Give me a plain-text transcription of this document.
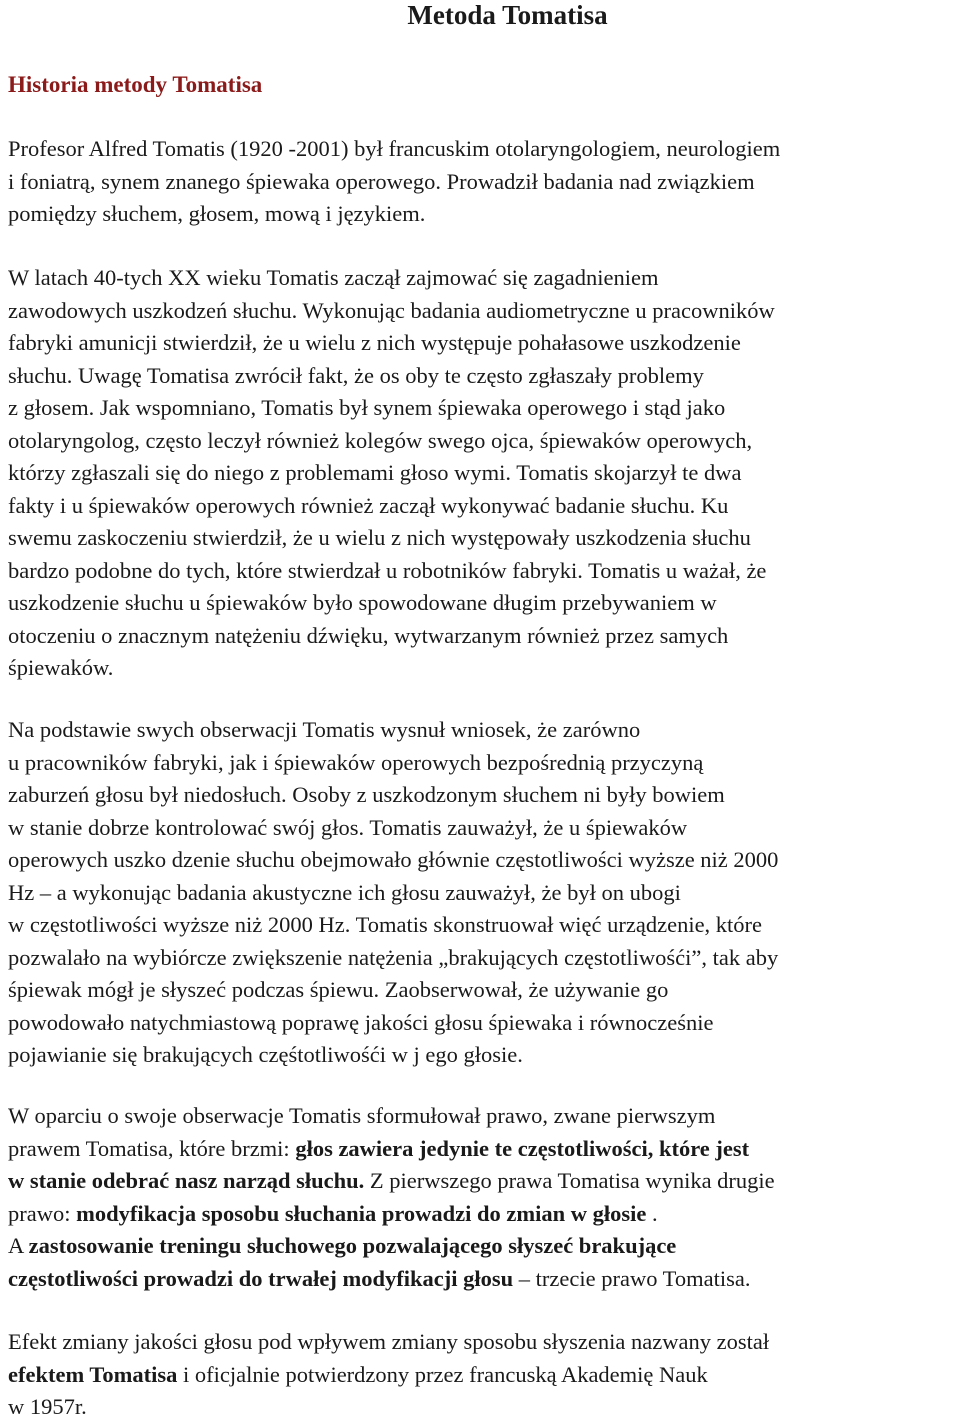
Metoda Tomatisa
Historia metody Tomatisa

Profesor Alfred Tomatis (1920 -2001) był francuskim otolaryngologiem, neurologiem
i foniatrą, synem znanego śpiewaka operowego. Prowadził badania nad związkiem
pomiędzy słuchem, głosem, mową i językiem.

W latach 40-tych XX wieku Tomatis zaczął zajmować się zagadnieniem
zawodowych uszkodzeń słuchu. Wykonując badania audiometryczne u pracowników
fabryki amunicji stwierdził, że u wielu z nich występuje pohałasowe uszkodzenie
słuchu. Uwagę Tomatisa zwrócił fakt, że os oby te często zgłaszały problemy
z głosem. Jak wspomniano, Tomatis był synem śpiewaka operowego i stąd jako
otolaryngolog, często leczył również kolegów swego ojca, śpiewaków operowych,
którzy zgłaszali się do niego z problemami głoso wymi. Tomatis skojarzył te dwa
fakty i u śpiewaków operowych również zaczął wykonywać badanie słuchu. Ku
swemu zaskoczeniu stwierdził, że u wielu z nich występowały uszkodzenia słuchu
bardzo podobne do tych, które stwierdzał u robotników fabryki. Tomatis u ważał, że
uszkodzenie słuchu u śpiewaków było spowodowane długim przebywaniem w
otoczeniu o znacznym natężeniu dźwięku, wytwarzanym również przez samych
śpiewaków.

Na podstawie swych obserwacji Tomatis wysnuł wniosek, że zarówno
u pracowników fabryki, jak i śpiewaków operowych bezpośrednią przyczyną
zaburzeń głosu był niedosłuch. Osoby z uszkodzonym słuchem ni były bowiem
w stanie dobrze kontrolować swój głos. Tomatis zauważył, że u śpiewaków
operowych uszko dzenie słuchu obejmowało głównie częstotliwości wyższe niż 2000
Hz – a wykonując badania akustyczne ich głosu zauważył, że był on ubogi
w częstotliwości wyższe niż 2000 Hz. Tomatis skonstruował więć urządzenie, które
pozwalało na wybiórcze zwiększenie natężenia „brakujących częstotliwośći”, tak aby
śpiewak mógł je słyszeć podczas śpiewu. Zaobserwował, że używanie go
powodowało natychmiastową poprawę jakości głosu śpiewaka i równocześnie
pojawianie się brakujących częśtotliwośći w j ego głosie.

W oparciu o swoje obserwacje Tomatis sformułował prawo, zwane pierwszym
prawem Tomatisa, które brzmi: głos zawiera jedynie te częstotliwości, które jest
w stanie odebrać nasz narząd słuchu. Z pierwszego prawa Tomatisa wynika drugie
prawo: modyfikacja sposobu słuchania prowadzi do zmian w głosie .
A zastosowanie treningu słuchowego pozwalającego słyszeć brakujące
częstotliwości prowadzi do trwałej modyfikacji głosu – trzecie prawo Tomatisa.

Efekt zmiany jakości głosu pod wpływem zmiany sposobu słyszenia nazwany został
efektem Tomatisa i oficjalnie potwierdzony przez francuską Akademię Nauk
w 1957r.
